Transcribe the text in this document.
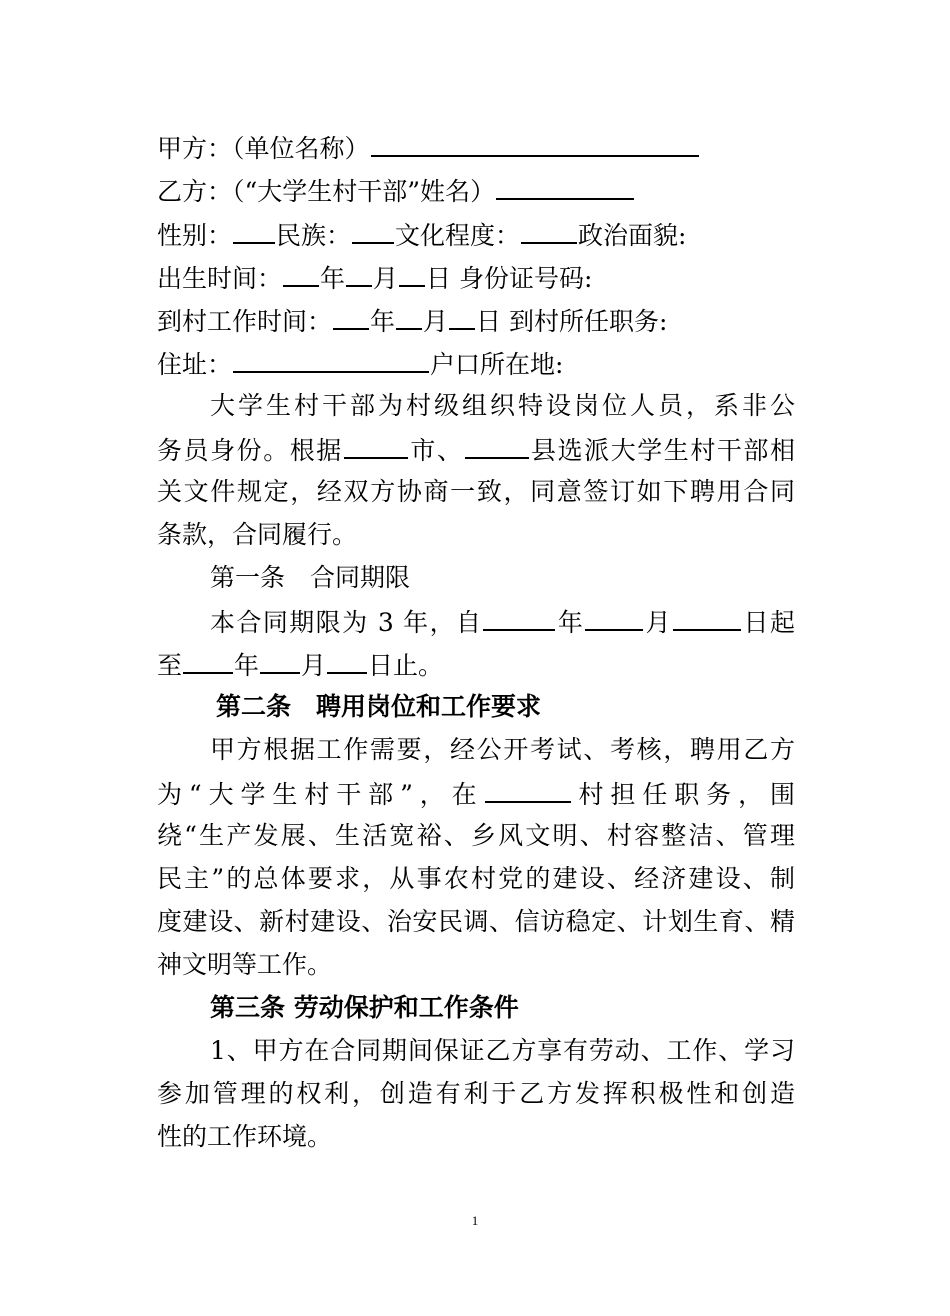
甲方：（单位名称）
乙方：（“大学生村干部”姓名）
性别： 民族： 文化程度： 政治面貌:
出生时间： 年 月 日 身份证号码:
到村工作时间： 年 月 日 到村所任职务:
住址：	户口所在地:
大学生村干部为村级组织特设岗位人员，系非公
务员身份。根据	市、	县选派大学生村干部相
关文件规定，经双方协商一致，同意签订如下聘用合同
条款，合同履行。
第一条　合同期限
本合同期限为 3 年，自	年 月	日起
至 年 月 日止。
第二条　聘用岗位和工作要求
甲方根据工作需要，经公开考试、考核，聘用乙方
为“大学生村干部”，在	村担任职务，围
绕“生产发展、生活宽裕、乡风文明、村容整洁、管理
民主”的总体要求，从事农村党的建设、经济建设、制
度建设、新村建设、治安民调、信访稳定、计划生育、精
神文明等工作。
第三条 劳动保护和工作条件
1、甲方在合同期间保证乙方享有劳动、工作、学习
参加管理的权利，创造有利于乙方发挥积极性和创造
性的工作环境。
1
